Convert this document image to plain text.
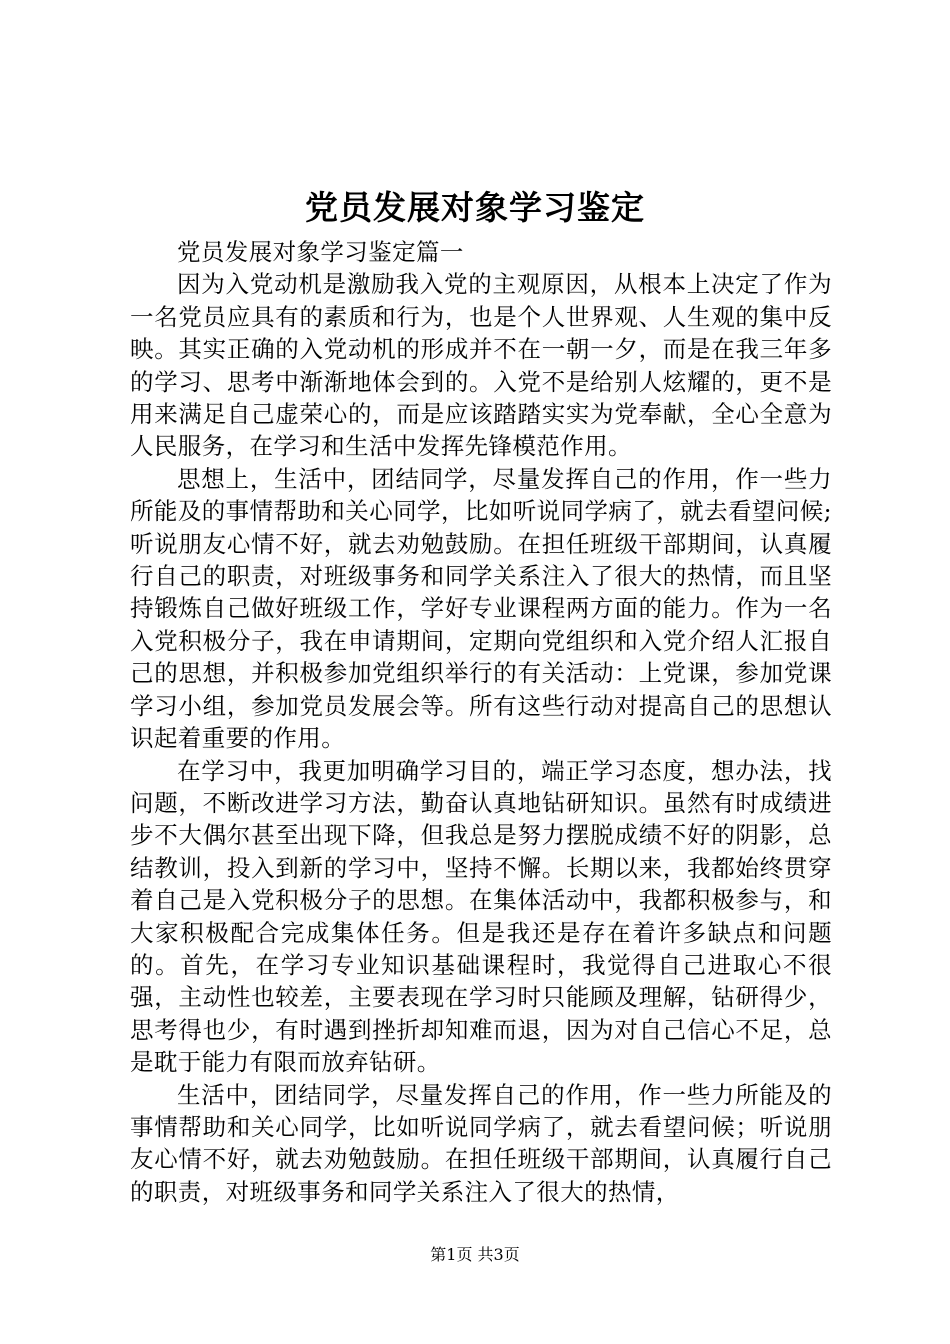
党员发展对象学习鉴定

党员发展对象学习鉴定篇一

因为入党动机是激励我入党的主观原因，从根本上决定了作为一名党员应具有的素质和行为，也是个人世界观、人生观的集中反映。其实正确的入党动机的形成并不在一朝一夕，而是在我三年多的学习、思考中渐渐地体会到的。入党不是给别人炫耀的，更不是用来满足自己虚荣心的，而是应该踏踏实实为党奉献，全心全意为人民服务，在学习和生活中发挥先锋模范作用。

思想上，生活中，团结同学，尽量发挥自己的作用，作一些力所能及的事情帮助和关心同学，比如听说同学病了，就去看望问候;听说朋友心情不好，就去劝勉鼓励。在担任班级干部期间，认真履行自己的职责，对班级事务和同学关系注入了很大的热情，而且坚持锻炼自己做好班级工作，学好专业课程两方面的能力。作为一名入党积极分子，我在申请期间，定期向党组织和入党介绍人汇报自己的思想，并积极参加党组织举行的有关活动：上党课，参加党课学习小组，参加党员发展会等。所有这些行动对提高自己的思想认识起着重要的作用。

在学习中，我更加明确学习目的，端正学习态度，想办法，找问题，不断改进学习方法，勤奋认真地钻研知识。虽然有时成绩进步不大偶尔甚至出现下降，但我总是努力摆脱成绩不好的阴影，总结教训，投入到新的学习中，坚持不懈。长期以来，我都始终贯穿着自己是入党积极分子的思想。在集体活动中，我都积极参与，和大家积极配合完成集体任务。但是我还是存在着许多缺点和问题的。首先，在学习专业知识基础课程时，我觉得自己进取心不很强，主动性也较差，主要表现在学习时只能顾及理解，钻研得少，思考得也少，有时遇到挫折却知难而退，因为对自己信心不足，总是耽于能力有限而放弃钻研。

生活中，团结同学，尽量发挥自己的作用，作一些力所能及的事情帮助和关心同学，比如听说同学病了，就去看望问候；听说朋友心情不好，就去劝勉鼓励。在担任班级干部期间，认真履行自己的职责，对班级事务和同学关系注入了很大的热情，

第1页 共3页
